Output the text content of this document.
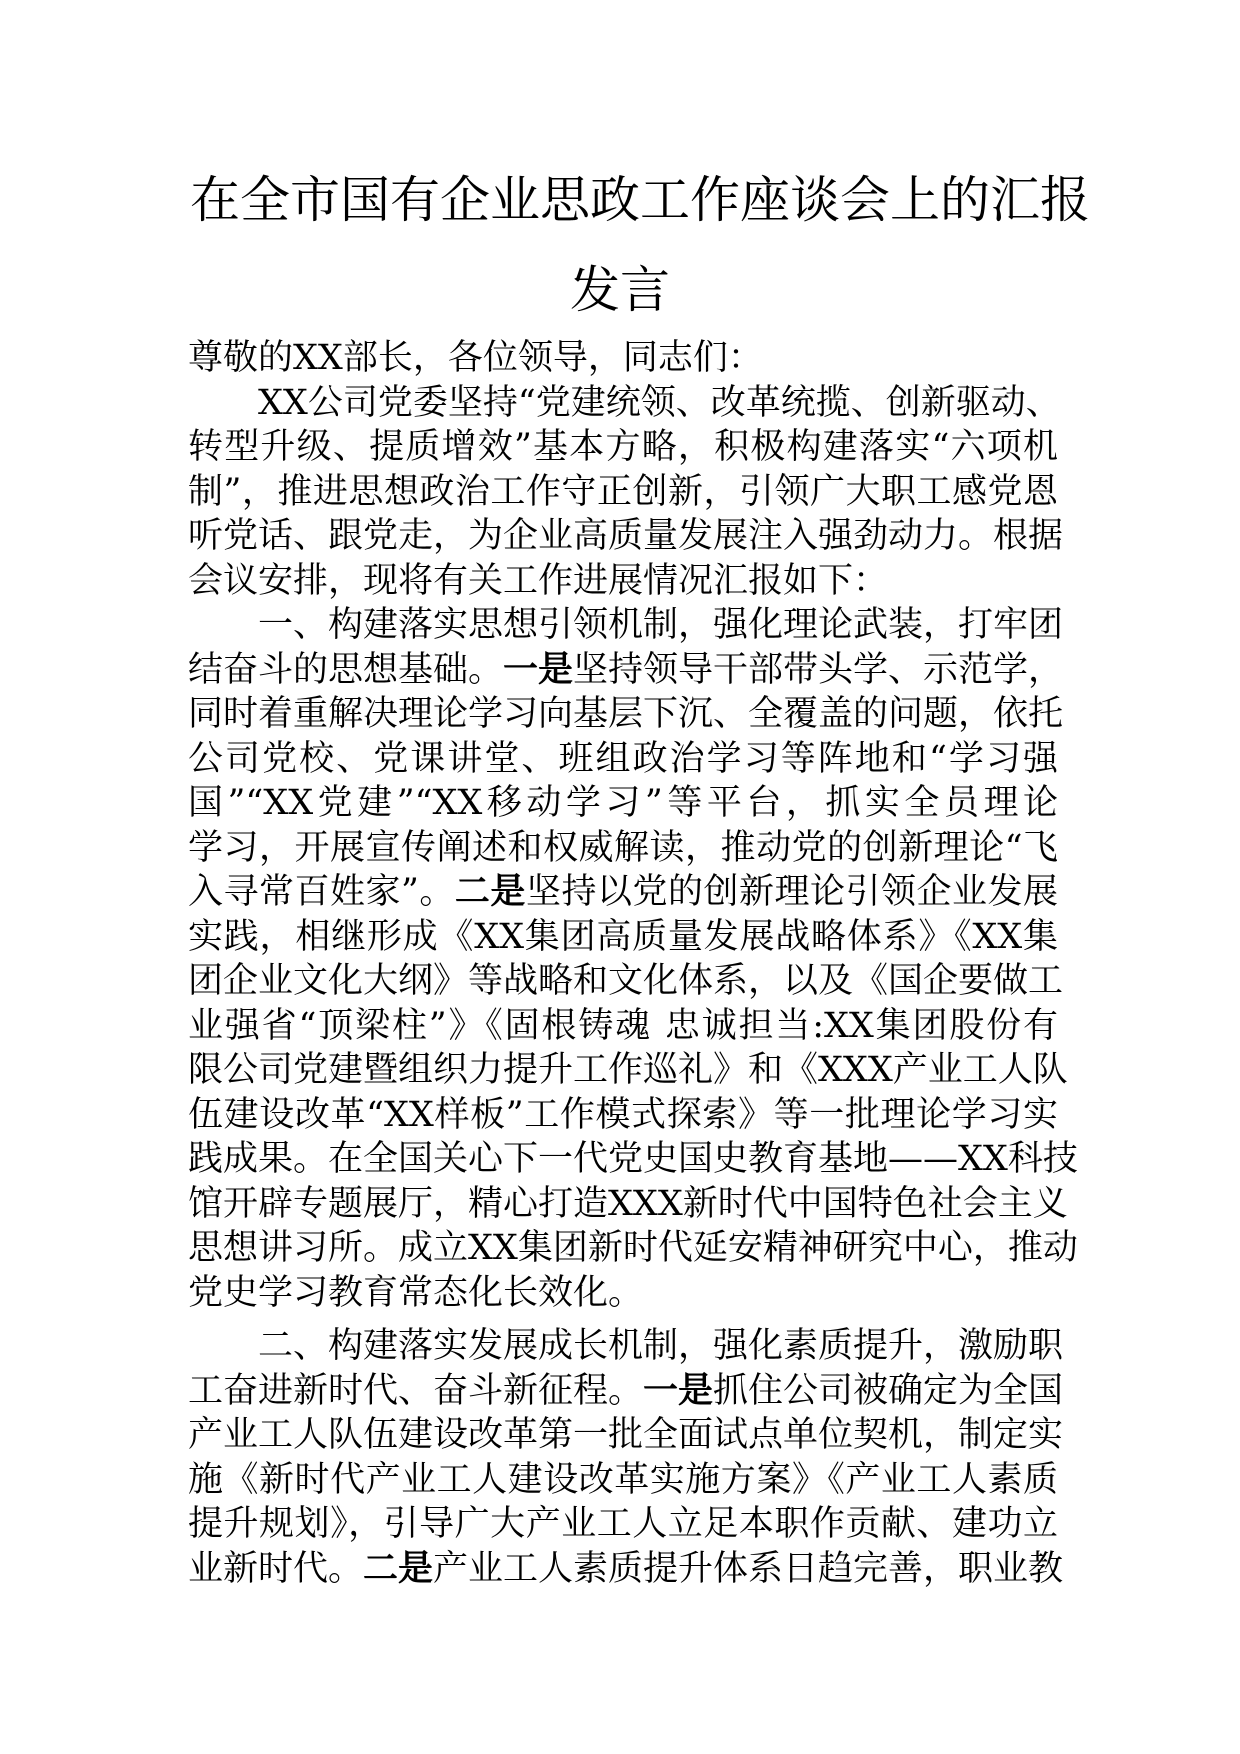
在全市国有企业思政工作座谈会上的汇报
发言

尊敬的XX部长，各位领导，同志们：

XX公司党委坚持“党建统领、改革统揽、创新驱动、
转型升级、提质增效”基本方略，积极构建落实“六项机
制”，推进思想政治工作守正创新，引领广大职工感党恩
听党话、跟党走，为企业高质量发展注入强劲动力。根据
会议安排，现将有关工作进展情况汇报如下：

一、构建落实思想引领机制，强化理论武装，打牢团
结奋斗的思想基础。一是坚持领导干部带头学、示范学，
同时着重解决理论学习向基层下沉、全覆盖的问题，依托
公司党校、党课讲堂、班组政治学习等阵地和“学习强
国”“XX党建”“XX移动学习”等平台，抓实全员理论
学习，开展宣传阐述和权威解读，推动党的创新理论“飞
入寻常百姓家”。二是坚持以党的创新理论引领企业发展
实践，相继形成《XX集团高质量发展战略体系》《XX集
团企业文化大纲》等战略和文化体系，以及《国企要做工
业强省“顶梁柱”》《固根铸魂 忠诚担当:XX集团股份有
限公司党建暨组织力提升工作巡礼》和《XXX产业工人队
伍建设改革“XX样板”工作模式探索》等一批理论学习实
践成果。在全国关心下一代党史国史教育基地——XX科技
馆开辟专题展厅，精心打造XXX新时代中国特色社会主义
思想讲习所。成立XX集团新时代延安精神研究中心，推动
党史学习教育常态化长效化。

二、构建落实发展成长机制，强化素质提升，激励职
工奋进新时代、奋斗新征程。一是抓住公司被确定为全国
产业工人队伍建设改革第一批全面试点单位契机，制定实
施《新时代产业工人建设改革实施方案》《产业工人素质
提升规划》，引导广大产业工人立足本职作贡献、建功立
业新时代。二是产业工人素质提升体系日趋完善，职业教
